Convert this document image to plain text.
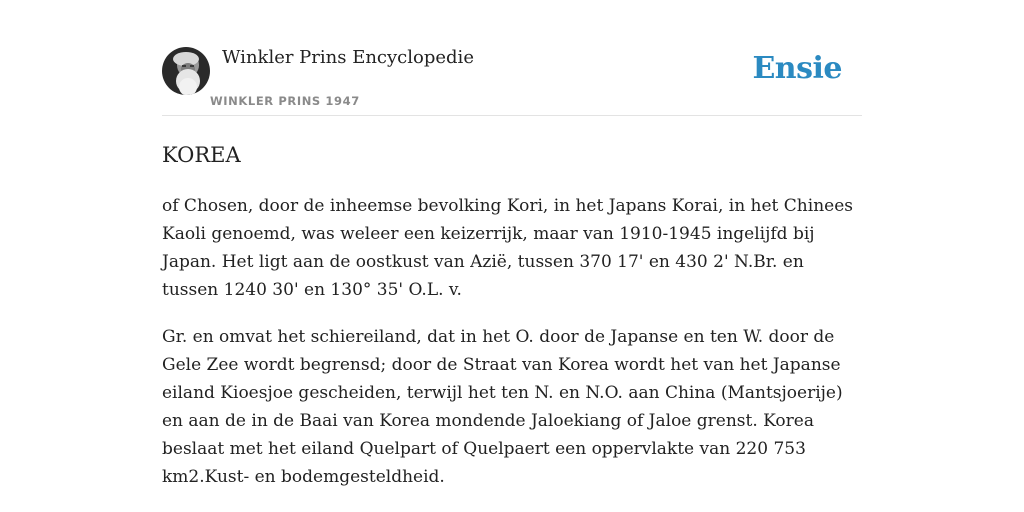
Winkler Prins Encyclopedie
WINKLER PRINS 1947
Ensie
KOREA

of Chosen, door de inheemse bevolking Kori, in het Japans Korai, in het Chinees Kaoli genoemd, was weleer een keizerrijk, maar van 1910-1945 ingelijfd bij Japan. Het ligt aan de oostkust van Azië, tussen 370 17' en 430 2' N.Br. en tussen 1240 30' en 130° 35' O.L. v.

Gr. en omvat het schiereiland, dat in het O. door de Japanse en ten W. door de Gele Zee wordt begrensd; door de Straat van Korea wordt het van het Japanse eiland Kioesjoe gescheiden, terwijl het ten N. en N.O. aan China (Mantsjoerije) en aan de in de Baai van Korea mondende Jaloekiang of Jaloe grenst. Korea beslaat met het eiland Quelpart of Quelpaert een oppervlakte van 220 753 km2.Kust- en bodemgesteldheid.
